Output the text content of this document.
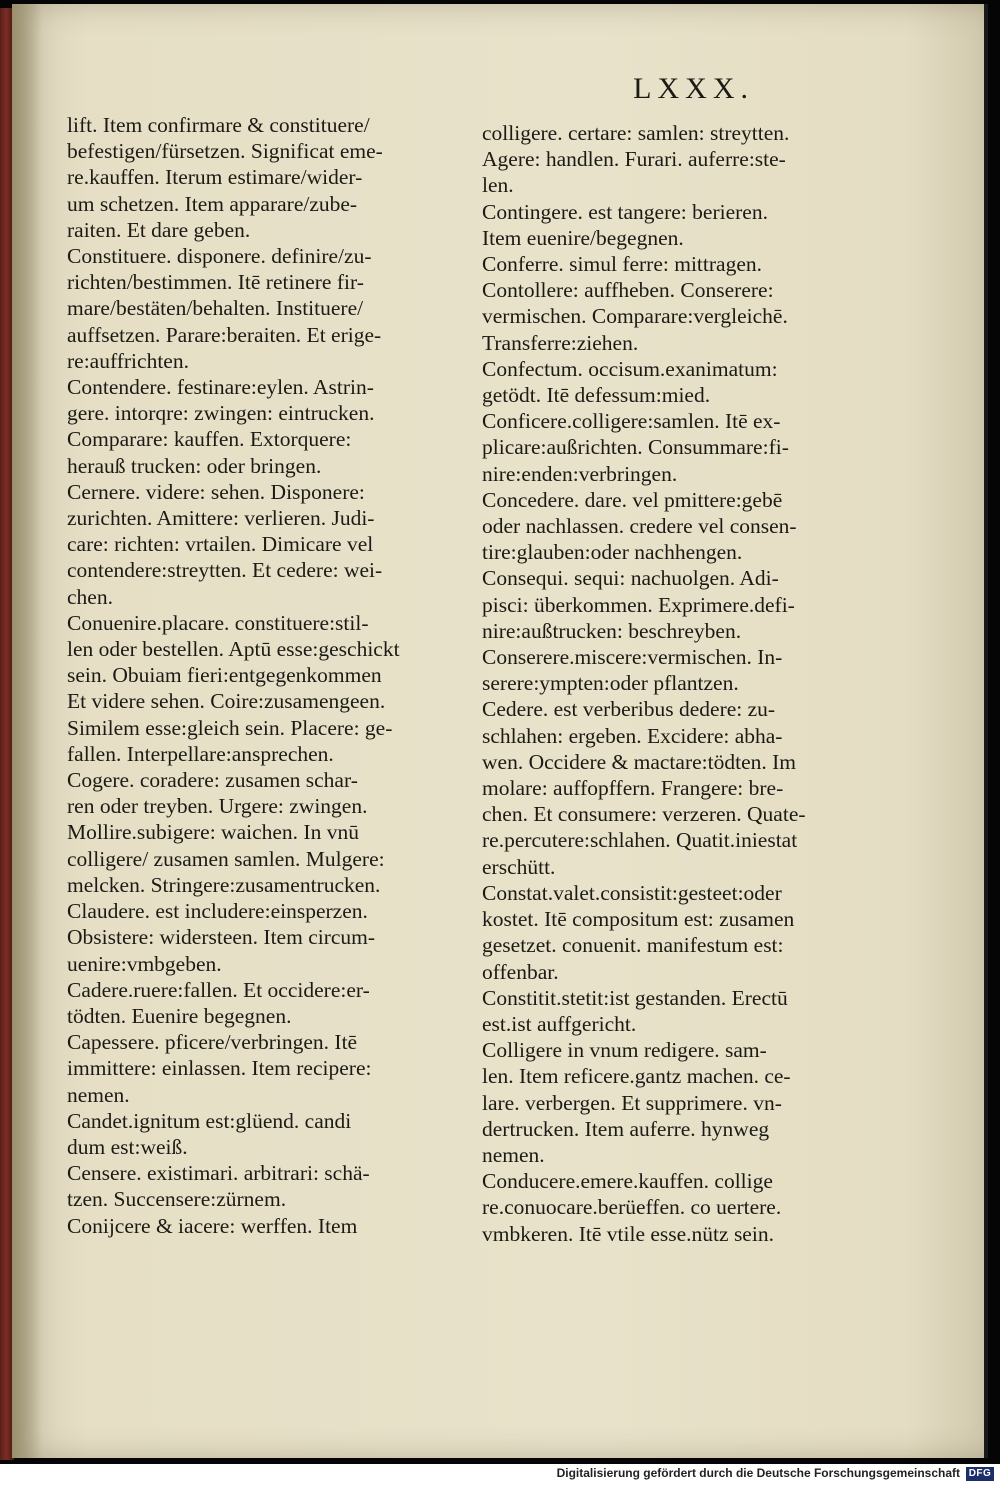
LXXX.

lift. Item confirmare & constituere/

befestigen/fürsetzen. Significat eme-

re.kauffen. Iterum estimare/wider-

um schetzen. Item apparare/zube-

raiten. Et dare geben.

Constituere. disponere. definire/zu-

richten/bestimmen. Itē retinere fir-

mare/bestäten/behalten. Instituere/

auffsetzen. Parare:beraiten. Et erige-

re:auffrichten.

Contendere. festinare:eylen. Astrin-

gere. intorqre: zwingen: eintrucken.

Comparare: kauffen. Extorquere:

herauß trucken: oder bringen.

Cernere. videre: sehen. Disponere:

zurichten. Amittere: verlieren. Judi-

care: richten: vrtailen. Dimicare vel

contendere:streytten. Et cedere: wei-

chen.

Conuenire.placare. constituere:stil-

len oder bestellen. Aptū esse:geschickt

sein. Obuiam fieri:entgegenkommen

Et videre sehen. Coire:zusamengeen.

Similem esse:gleich sein. Placere: ge-

fallen. Interpellare:ansprechen.

Cogere. coradere: zusamen schar-

ren oder treyben. Urgere: zwingen.

Mollire.subigere: waichen. In vnū

colligere/ zusamen samlen. Mulgere:

melcken. Stringere:zusamentrucken.

Claudere. est includere:einsperzen.

Obsistere: widersteen. Item circum-

uenire:vmbgeben.

Cadere.ruere:fallen. Et occidere:er-

tödten. Euenire begegnen.

Capessere. pficere/verbringen. Itē

immittere: einlassen. Item recipere:

nemen.

Candet.ignitum est:glüend. candi

dum est:weiß.

Censere. existimari. arbitrari: schä-

tzen. Succensere:zürnem.

Conijcere & iacere: werffen. Item

colligere. certare: samlen: streytten.

Agere: handlen. Furari. auferre:ste-

len.

Contingere. est tangere: berieren.

Item euenire/begegnen.

Conferre. simul ferre: mittragen.

Contollere: auffheben. Conserere:

vermischen. Comparare:vergleichē.

Transferre:ziehen.

Confectum. occisum.exanimatum:

getödt. Itē defessum:mied.

Conficere.colligere:samlen. Itē ex-

plicare:außrichten. Consummare:fi-

nire:enden:verbringen.

Concedere. dare. vel pmittere:gebē

oder nachlassen. credere vel consen-

tire:glauben:oder nachhengen.

Consequi. sequi: nachuolgen. Adi-

pisci: überkommen. Exprimere.defi-

nire:außtrucken: beschreyben.

Conserere.miscere:vermischen. In-

serere:ympten:oder pflantzen.

Cedere. est verberibus dedere: zu-

schlahen: ergeben. Excidere: abha-

wen. Occidere & mactare:tödten. Im

molare: auffopffern. Frangere: bre-

chen. Et consumere: verzeren. Quate-

re.percutere:schlahen. Quatit.iniestat

erschütt.

Constat.valet.consistit:gesteet:oder

kostet. Itē compositum est: zusamen

gesetzet. conuenit. manifestum est:

offenbar.

Constitit.stetit:ist gestanden. Erectū

est.ist auffgericht.

Colligere in vnum redigere. sam-

len. Item reficere.gantz machen. ce-

lare. verbergen. Et supprimere. vn-

dertrucken. Item auferre. hynweg

nemen.

Conducere.emere.kauffen. collige

re.conuocare.berüeffen. co uertere.

vmbkeren. Itē vtile esse.nütz sein.

Digitalisierung gefördert durch die Deutsche Forschungsgemeinschaft DFG
